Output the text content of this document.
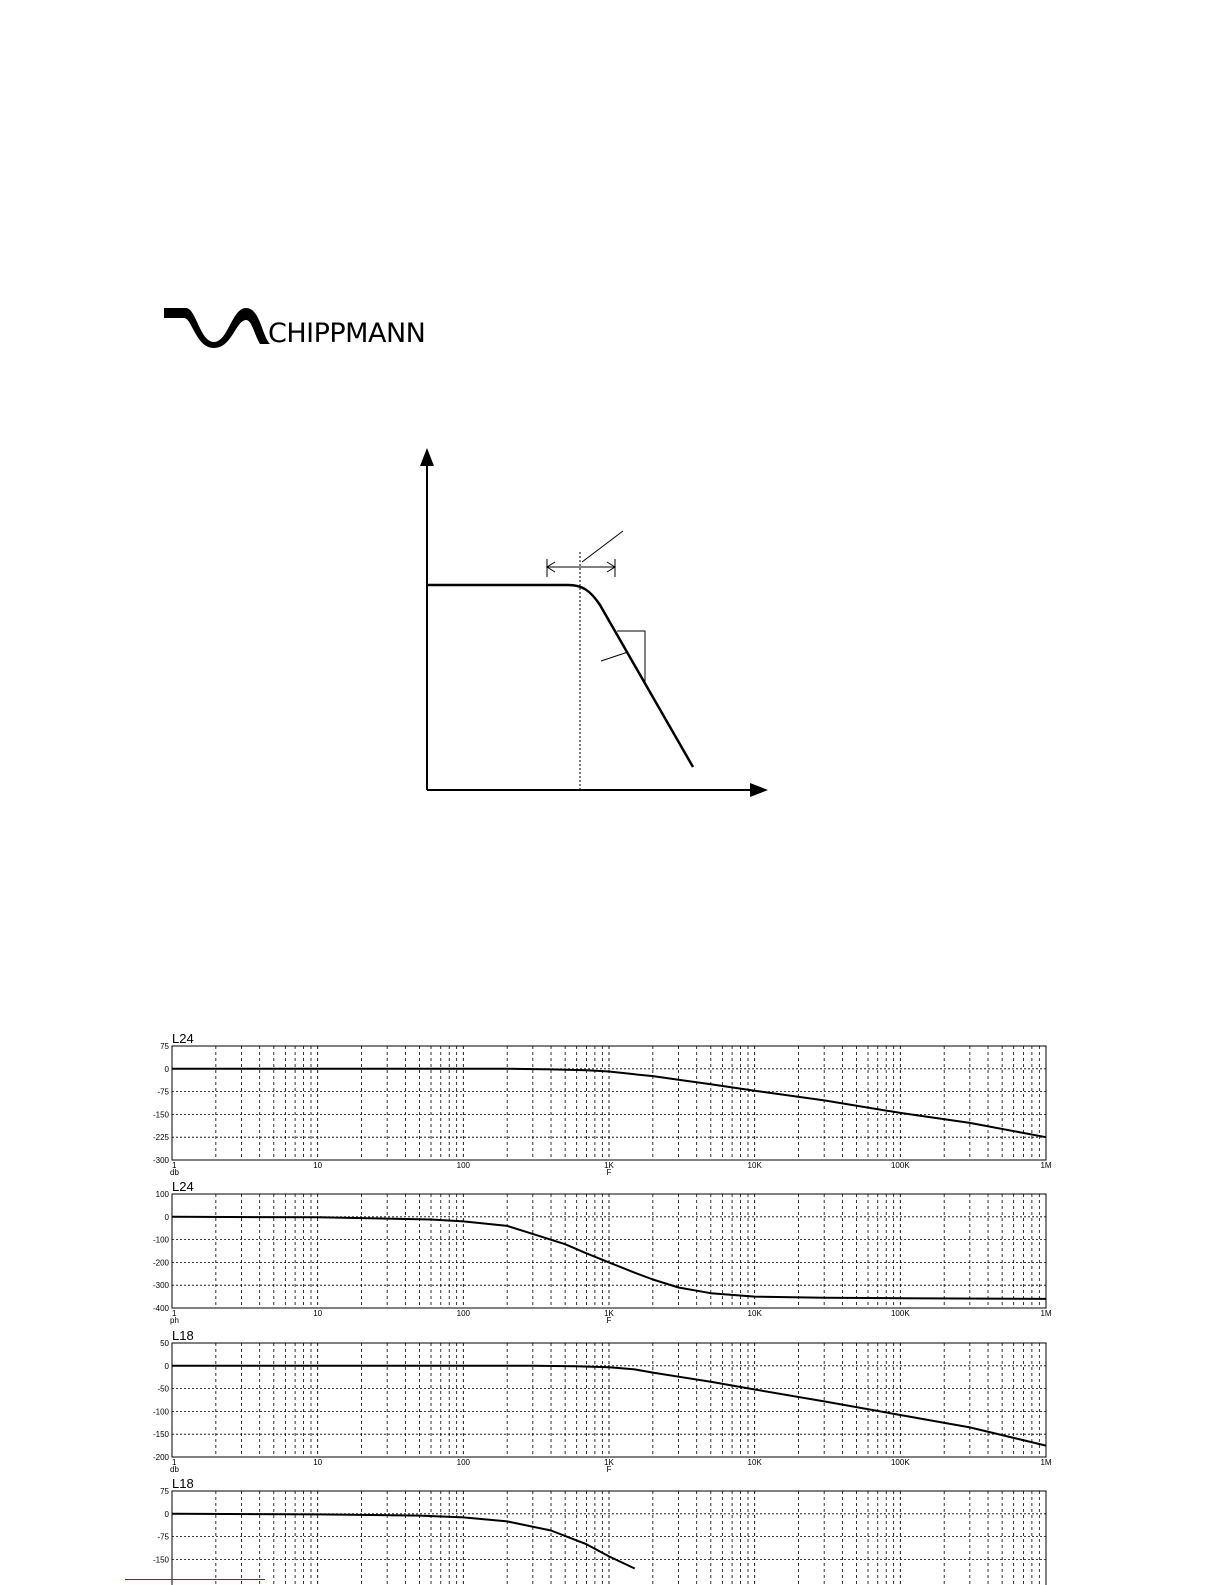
CHIPPMANN
75
0
-75
-150
-225
-300
L24
1	10	100	1K	10K	100K	1M
F
db
100
0
-100
-200
-300
-400
L24
1	10	100	1K	10K	100K	1M
F
ph
50
0
-50
-100
-150
-200
L18
1	10	100	1K	10K	100K	1M
F
db
75
0
-75
-150
L18
